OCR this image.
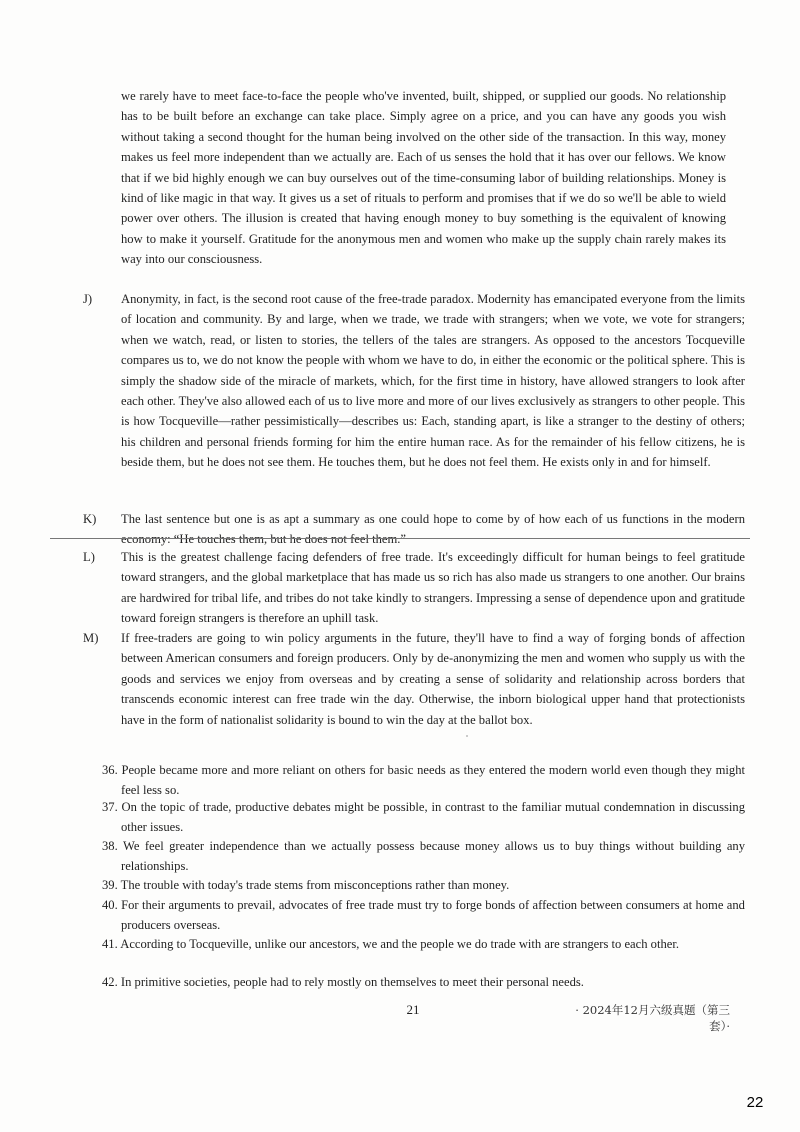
we rarely have to meet face-to-face the people who've invented, built, shipped, or supplied our goods. No relationship has to be built before an exchange can take place. Simply agree on a price, and you can have any goods you wish without taking a second thought for the human being involved on the other side of the transaction. In this way, money makes us feel more independent than we actually are. Each of us senses the hold that it has over our fellows. We know that if we bid highly enough we can buy ourselves out of the time-consuming labor of building relationships. Money is kind of like magic in that way. It gives us a set of rituals to perform and promises that if we do so we'll be able to wield power over others. The illusion is created that having enough money to buy something is the equivalent of knowing how to make it yourself. Gratitude for the anonymous men and women who make up the supply chain rarely makes its way into our consciousness.
J) Anonymity, in fact, is the second root cause of the free-trade paradox. Modernity has emancipated everyone from the limits of location and community. By and large, when we trade, we trade with strangers; when we vote, we vote for strangers; when we watch, read, or listen to stories, the tellers of the tales are strangers. As opposed to the ancestors Tocqueville compares us to, we do not know the people with whom we have to do, in either the economic or the political sphere. This is simply the shadow side of the miracle of markets, which, for the first time in history, have allowed strangers to look after each other. They've also allowed each of us to live more and more of our lives exclusively as strangers to other people. This is how Tocqueville—rather pessimistically—describes us: Each, standing apart, is like a stranger to the destiny of others; his children and personal friends forming for him the entire human race. As for the remainder of his fellow citizens, he is beside them, but he does not see them. He touches them, but he does not feel them. He exists only in and for himself.
K) The last sentence but one is as apt a summary as one could hope to come by of how each of us functions in the modern economy: “He touches them, but he does not feel them.”
L) This is the greatest challenge facing defenders of free trade. It's exceedingly difficult for human beings to feel gratitude toward strangers, and the global marketplace that has made us so rich has also made us strangers to one another. Our brains are hardwired for tribal life, and tribes do not take kindly to strangers. Impressing a sense of dependence upon and gratitude toward foreign strangers is therefore an uphill task.
M) If free-traders are going to win policy arguments in the future, they'll have to find a way of forging bonds of affection between American consumers and foreign producers. Only by de-anonymizing the men and women who supply us with the goods and services we enjoy from overseas and by creating a sense of solidarity and relationship across borders that transcends economic interest can free trade win the day. Otherwise, the inborn biological upper hand that protectionists have in the form of nationalist solidarity is bound to win the day at the ballot box.
36. People became more and more reliant on others for basic needs as they entered the modern world even though they might feel less so.
37. On the topic of trade, productive debates might be possible, in contrast to the familiar mutual condemnation in discussing other issues.
38. We feel greater independence than we actually possess because money allows us to buy things without building any relationships.
39. The trouble with today's trade stems from misconceptions rather than money.
40. For their arguments to prevail, advocates of free trade must try to forge bonds of affection between consumers at home and producers overseas.
41. According to Tocqueville, unlike our ancestors, we and the people we do trade with are strangers to each other.
42. In primitive societies, people had to rely mostly on themselves to meet their personal needs.
21	· 2024年12月六级真题（第三套）·
22
